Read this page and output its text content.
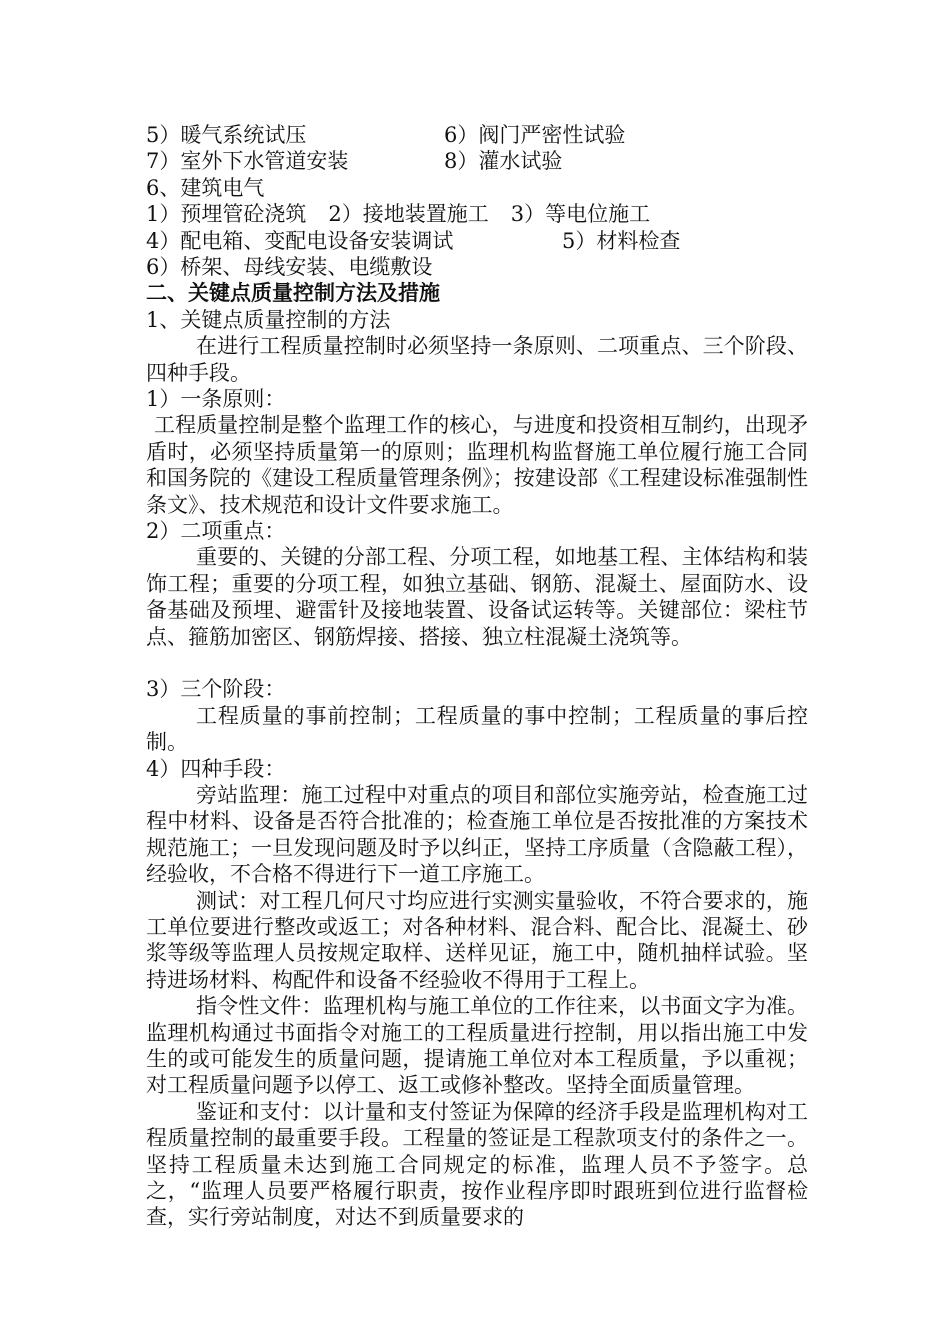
5）暖气系统试压	6）阀门严密性试验
7）室外下水管道安装	8）灌水试验

6、建筑电气

1）预埋管砼浇筑 2）接地装置施工 3）等电位施工
4）配电箱、变配电设备安装调试	5）材料检查

6）桥架、母线安装、电缆敷设

二、关键点质量控制方法及措施

1、关键点质量控制的方法

在进行工程质量控制时必须坚持一条原则、二项重点、三个阶段、四种手段。

1）一条原则：

工程质量控制是整个监理工作的核心，与进度和投资相互制约，出现矛盾时，必须坚持质量第一的原则；监理机构监督施工单位履行施工合同和国务院的《建设工程质量管理条例》；按建设部《工程建设标准强制性条文》、技术规范和设计文件要求施工。

2）二项重点：

重要的、关键的分部工程、分项工程，如地基工程、主体结构和装饰工程；重要的分项工程，如独立基础、钢筋、混凝土、屋面防水、设备基础及预埋、避雷针及接地装置、设备试运转等。关键部位：梁柱节点、箍筋加密区、钢筋焊接、搭接、独立柱混凝土浇筑等。

3）三个阶段：

工程质量的事前控制；工程质量的事中控制；工程质量的事后控制。

4）四种手段：

旁站监理：施工过程中对重点的项目和部位实施旁站，检查施工过程中材料、设备是否符合批准的；检查施工单位是否按批准的方案技术规范施工；一旦发现问题及时予以纠正，坚持工序质量（含隐蔽工程），经验收，不合格不得进行下一道工序施工。

测试：对工程几何尺寸均应进行实测实量验收，不符合要求的，施工单位要进行整改或返工；对各种材料、混合料、配合比、混凝土、砂浆等级等监理人员按规定取样、送样见证，施工中，随机抽样试验。坚持进场材料、构配件和设备不经验收不得用于工程上。

指令性文件：监理机构与施工单位的工作往来，以书面文字为准。监理机构通过书面指令对施工的工程质量进行控制，用以指出施工中发生的或可能发生的质量问题，提请施工单位对本工程质量，予以重视；对工程质量问题予以停工、返工或修补整改。坚持全面质量管理。

鉴证和支付：以计量和支付签证为保障的经济手段是监理机构对工程质量控制的最重要手段。工程量的签证是工程款项支付的条件之一。坚持工程质量未达到施工合同规定的标准，监理人员不予签字。总之，“监理人员要严格履行职责，按作业程序即时跟班到位进行监督检查，实行旁站制度，对达不到质量要求的
